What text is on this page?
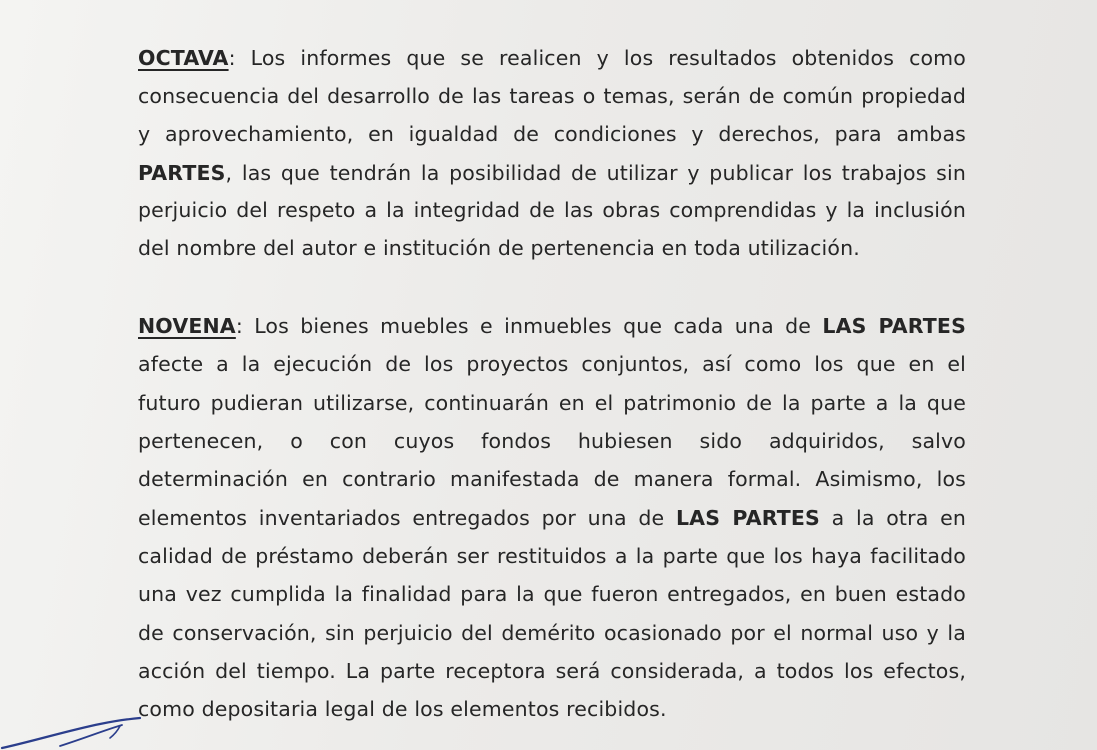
OCTAVA: Los informes que se realicen y los resultados obtenidos como
consecuencia del desarrollo de las tareas o temas, serán de común propiedad
y aprovechamiento, en igualdad de condiciones y derechos, para ambas
PARTES, las que tendrán la posibilidad de utilizar y publicar los trabajos sin
perjuicio del respeto a la integridad de las obras comprendidas y la inclusión
del nombre del autor e institución de pertenencia en toda utilización.
NOVENA: Los bienes muebles e inmuebles que cada una de LAS PARTES
afecte a la ejecución de los proyectos conjuntos, así como los que en el
futuro pudieran utilizarse, continuarán en el patrimonio de la parte a la que
pertenecen, o con cuyos fondos hubiesen sido adquiridos, salvo
determinación en contrario manifestada de manera formal. Asimismo, los
elementos inventariados entregados por una de LAS PARTES a la otra en
calidad de préstamo deberán ser restituidos a la parte que los haya facilitado
una vez cumplida la finalidad para la que fueron entregados, en buen estado
de conservación, sin perjuicio del demérito ocasionado por el normal uso y la
acción del tiempo. La parte receptora será considerada, a todos los efectos,
como depositaria legal de los elementos recibidos.
